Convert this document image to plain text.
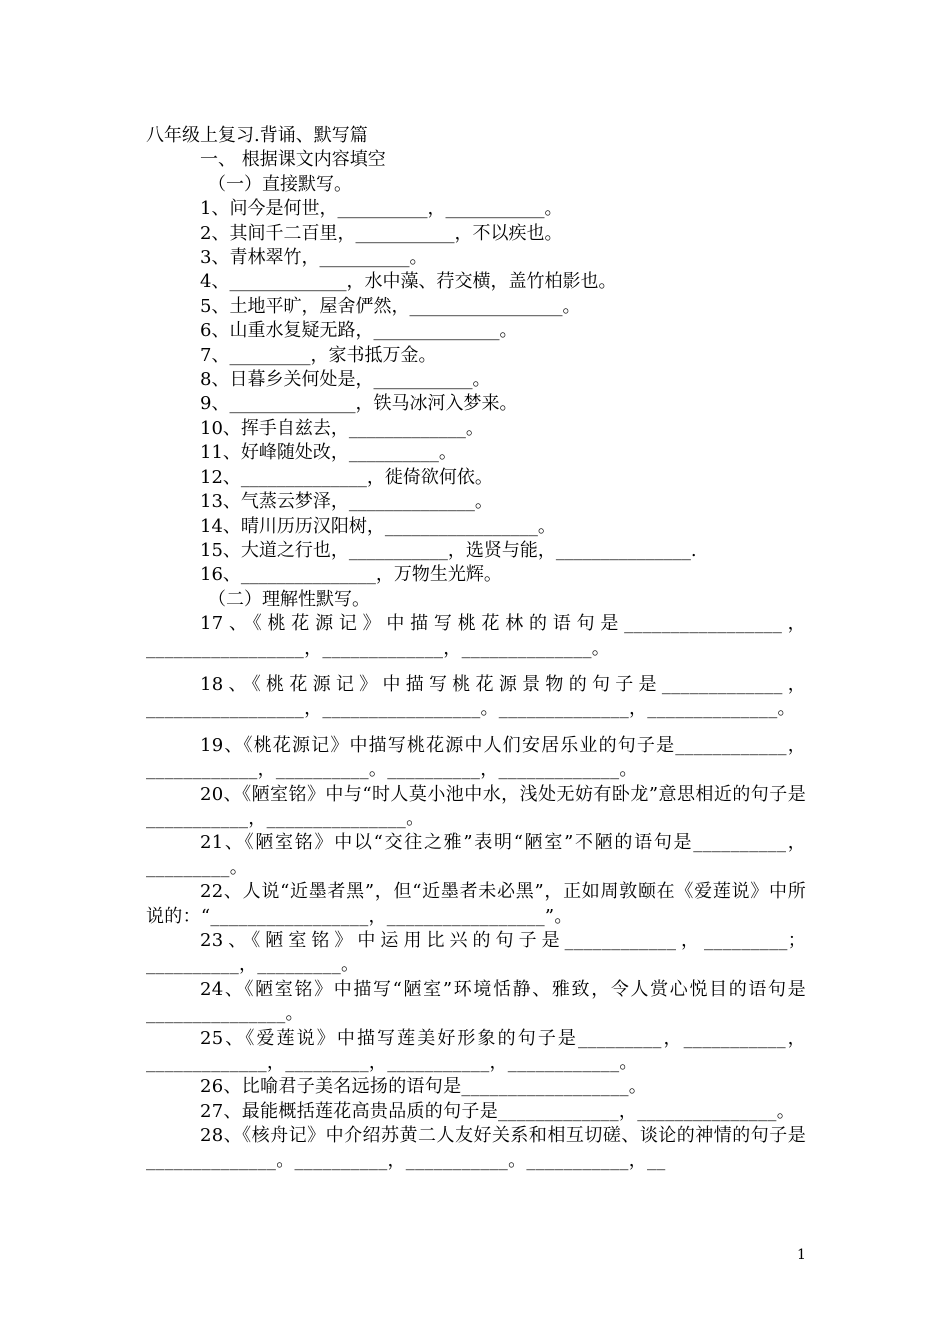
八年级上复习.背诵、默写篇
一、 根据课文内容填空
（一）直接默写。
1、问今是何世，__________，___________。
2、其间千二百里，___________，不以疾也。
3、青林翠竹，__________。
4、_____________，水中藻、荇交横，盖竹柏影也。
5、土地平旷，屋舍俨然，_________________。
6、山重水复疑无路，______________。
7、_________，家书抵万金。
8、日暮乡关何处是，___________。
9、______________，铁马冰河入梦来。
10、挥手自兹去，_____________。
11、好峰随处改，__________。
12、______________，徙倚欲何依。
13、气蒸云梦泽，______________。
14、晴川历历汉阳树，_________________。
15、大道之行也，___________，选贤与能，_______________.
16、_______________，万物生光辉。
（二）理解性默写。
17、《桃花源记》中描写桃花林的语句是_________________，_________________，_____________，______________。
18、《桃花源记》中描写桃花源景物的句子是_____________，_________________，_________________。______________，______________。
19、《桃花源记》中描写桃花源中人们安居乐业的句子是____________，____________，__________。__________，_____________。
20、《陋室铭》中与“时人莫小池中水，浅处无妨有卧龙”意思相近的句子是___________，_______________。
21、《陋室铭》中以“交往之雅”表明“陋室”不陋的语句是__________，_________。
22、人说“近墨者黑”，但“近墨者未必黑”，正如周敦颐在《爱莲说》中所说的：“_________________，_________________”。
23、《陋室铭》中运用比兴的句子是____________，_________；__________，_________。
24、《陋室铭》中描写“陋室”环境恬静、雅致，令人赏心悦目的语句是_______________。
25、《爱莲说》中描写莲美好形象的句子是_________，___________，_____________，_________，___________，____________。
26、比喻君子美名远扬的语句是__________________。
27、最能概括莲花高贵品质的句子是_____________，_______________。
28、《核舟记》中介绍苏黄二人友好关系和相互切磋、谈论的神情的句子是______________。__________，___________。___________，__
1
